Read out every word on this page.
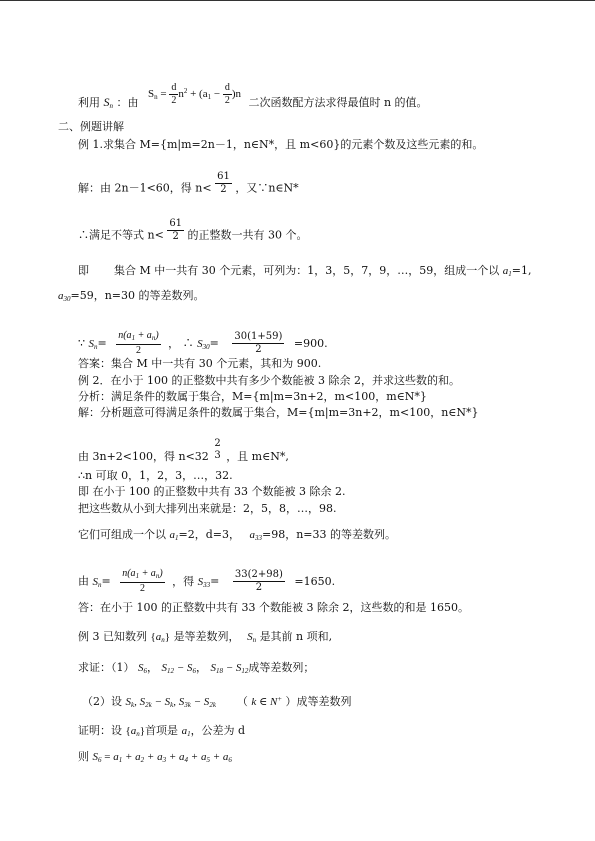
利用 $S_n$ ：由 $S_n = \frac{d}{2} n^2 + (a_1 - \frac{d}{2} )n$ 二次函数配方法求得最值时 n 的值。
二、例题讲解
例 1.求集合 M={m|m=2n－1，n∈N*，且 m<60}的元素个数及这些元素的和。
解：由 2n－1<60，得 $n< \frac{61}{2}$ ，又∵n∈N*
∴满足不等式 $n< \frac{61}{2}$ 的正整数一共有 30 个。
即 集合 M 中一共有 30 个元素，可列为：1，3，5，7，9，…，59，组成一个以 $a_1=1$,
$a_{30}=59$，n=30 的等差数列。
∵ $S_n= \frac{n(a_1 + a_n)}{2}$ ， ∴ $S_{30}= \frac{30(1+59)}{2} =900$.
答案：集合 M 中一共有 30 个元素，其和为 900.
例 2．在小于 100 的正整数中共有多少个数能被 3 除余 2，并求这些数的和。
分析：满足条件的数属于集合，M={m|m=3n+2，m<100，m∈N*}
解：分析题意可得满足条件的数属于集合，M={m|m=3n+2，m<100，n∈N*}
由 3n+2<100，得 n<32
2
3 ，且 m∈N*,
∴n 可取 0，1，2，3，…，32.
即 在小于 100 的正整数中共有 33 个数能被 3 除余 2.
把这些数从小到大排列出来就是：2，5，8，…，98.
它们可组成一个以 $a_1=2$，d=3， $a_{33}=98$，n=33 的等差数列。
由 $S_n= \frac{n(a_1 + a_n)}{2}$ ，得 $S_{33}= \frac{33(2+98)}{2} =1650$.
答：在小于 100 的正整数中共有 33 个数能被 3 除余 2，这些数的和是 1650。
例 3 已知数列 $\{a_n\}$ 是等差数列， $S_n$ 是其前 n 项和,
求证：（1） $S_6$， $S_{12} - S_6$， $S_{18} - S_{12}$成等差数列；
（2）设 $S_k$, $S_{2k} - S_k$, $S_{3k} - S_{2k}$ （ k ∈ N+ ）成等差数列
证明：设 $\{a_n\}$首项是 $a_1$，公差为 d
则 $S_6 = a_1 + a_2 + a_3 + a_4 + a_5 + a_6$
